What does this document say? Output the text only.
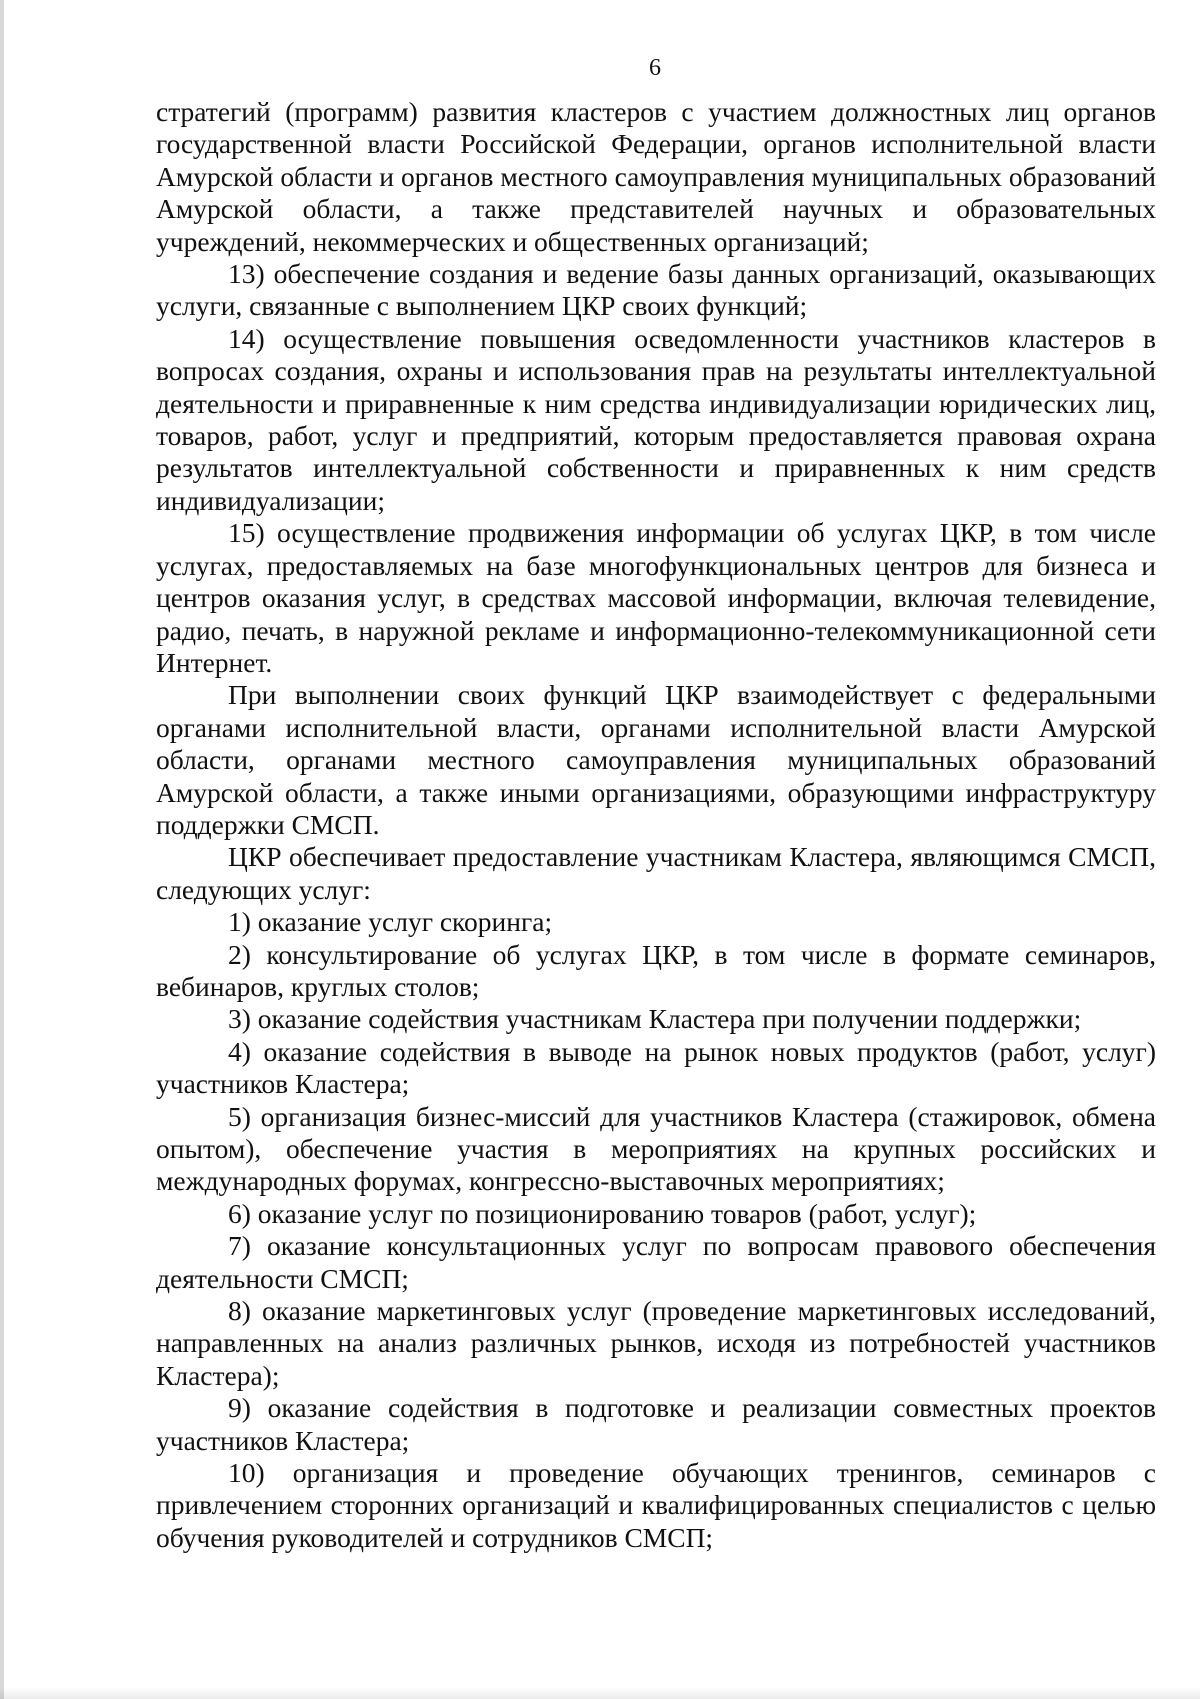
6

стратегий (программ) развития кластеров с участием должностных лиц органов государственной власти Российской Федерации, органов исполнительной власти Амурской области и органов местного самоуправления муниципальных образований Амурской области, а также представителей научных и образовательных учреждений, некоммерческих и общественных организаций;

13) обеспечение создания и ведение базы данных организаций, оказывающих услуги, связанные с выполнением ЦКР своих функций;

14) осуществление повышения осведомленности участников кластеров в вопросах создания, охраны и использования прав на результаты интеллектуальной деятельности и приравненные к ним средства индивидуализации юридических лиц, товаров, работ, услуг и предприятий, которым предоставляется правовая охрана результатов интеллектуальной собственности и приравненных к ним средств индивидуализации;

15) осуществление продвижения информации об услугах ЦКР, в том числе услугах, предоставляемых на базе многофункциональных центров для бизнеса и центров оказания услуг, в средствах массовой информации, включая телевидение, радио, печать, в наружной рекламе и информационно-телекоммуникационной сети Интернет.

При выполнении своих функций ЦКР взаимодействует с федеральными органами исполнительной власти, органами исполнительной власти Амурской области, органами местного самоуправления муниципальных образований Амурской области, а также иными организациями, образующими инфраструктуру поддержки СМСП.

ЦКР обеспечивает предоставление участникам Кластера, являющимся СМСП, следующих услуг:

1) оказание услуг скоринга;

2) консультирование об услугах ЦКР, в том числе в формате семинаров, вебинаров, круглых столов;

3) оказание содействия участникам Кластера при получении поддержки;

4) оказание содействия в выводе на рынок новых продуктов (работ, услуг) участников Кластера;

5) организация бизнес-миссий для участников Кластера (стажировок, обмена опытом), обеспечение участия в мероприятиях на крупных российских и международных форумах, конгрессно-выставочных мероприятиях;

6) оказание услуг по позиционированию товаров (работ, услуг);

7) оказание консультационных услуг по вопросам правового обеспечения деятельности СМСП;

8) оказание маркетинговых услуг (проведение маркетинговых исследований, направленных на анализ различных рынков, исходя из потребностей участников Кластера);

9) оказание содействия в подготовке и реализации совместных проектов участников Кластера;

10) организация и проведение обучающих тренингов, семинаров с привлечением сторонних организаций и квалифицированных специалистов с целью обучения руководителей и сотрудников СМСП;
